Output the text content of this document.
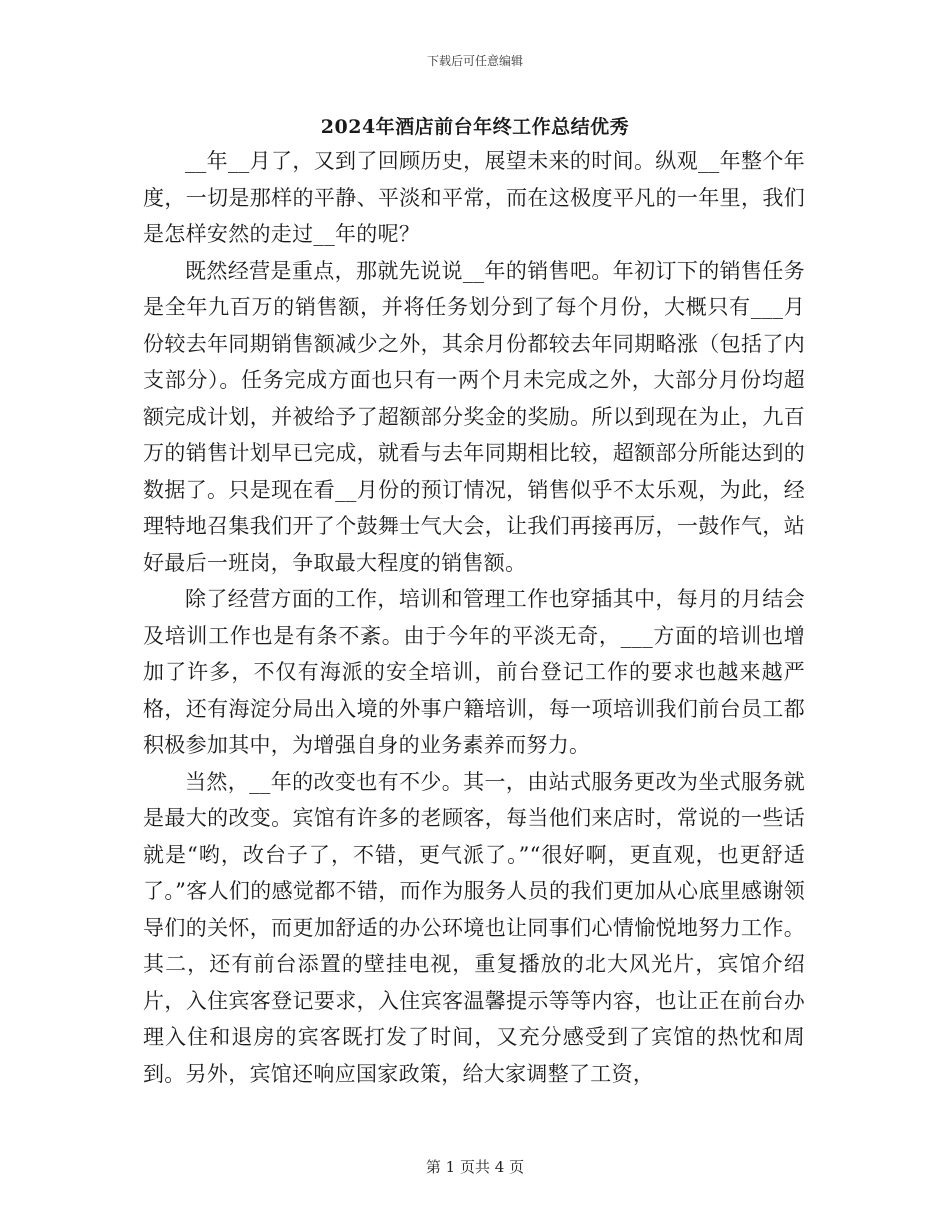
下载后可任意编辑
2024年酒店前台年终工作总结优秀

__年__月了，又到了回顾历史，展望未来的时间。纵观__年整个年度，一切是那样的平静、平淡和平常，而在这极度平凡的一年里，我们是怎样安然的走过__年的呢？

既然经营是重点，那就先说说__年的销售吧。年初订下的销售任务是全年九百万的销售额，并将任务划分到了每个月份，大概只有___月份较去年同期销售额减少之外，其余月份都较去年同期略涨（包括了内支部分）。任务完成方面也只有一两个月未完成之外，大部分月份均超额完成计划，并被给予了超额部分奖金的奖励。所以到现在为止，九百万的销售计划早已完成，就看与去年同期相比较，超额部分所能达到的数据了。只是现在看__月份的预订情况，销售似乎不太乐观，为此，经理特地召集我们开了个鼓舞士气大会，让我们再接再厉，一鼓作气，站好最后一班岗，争取最大程度的销售额。

除了经营方面的工作，培训和管理工作也穿插其中，每月的月结会及培训工作也是有条不紊。由于今年的平淡无奇，___方面的培训也增加了许多，不仅有海派的安全培训，前台登记工作的要求也越来越严格，还有海淀分局出入境的外事户籍培训，每一项培训我们前台员工都积极参加其中，为增强自身的业务素养而努力。

当然，__年的改变也有不少。其一，由站式服务更改为坐式服务就是最大的改变。宾馆有许多的老顾客，每当他们来店时，常说的一些话就是“哟，改台子了，不错，更气派了。”“很好啊，更直观，也更舒适了。”客人们的感觉都不错，而作为服务人员的我们更加从心底里感谢领导们的关怀，而更加舒适的办公环境也让同事们心情愉悦地努力工作。其二，还有前台添置的壁挂电视，重复播放的北大风光片，宾馆介绍片，入住宾客登记要求，入住宾客温馨提示等等内容，也让正在前台办理入住和退房的宾客既打发了时间，又充分感受到了宾馆的热忱和周到。另外，宾馆还响应国家政策，给大家调整了工资，

第 1 页共 4 页
